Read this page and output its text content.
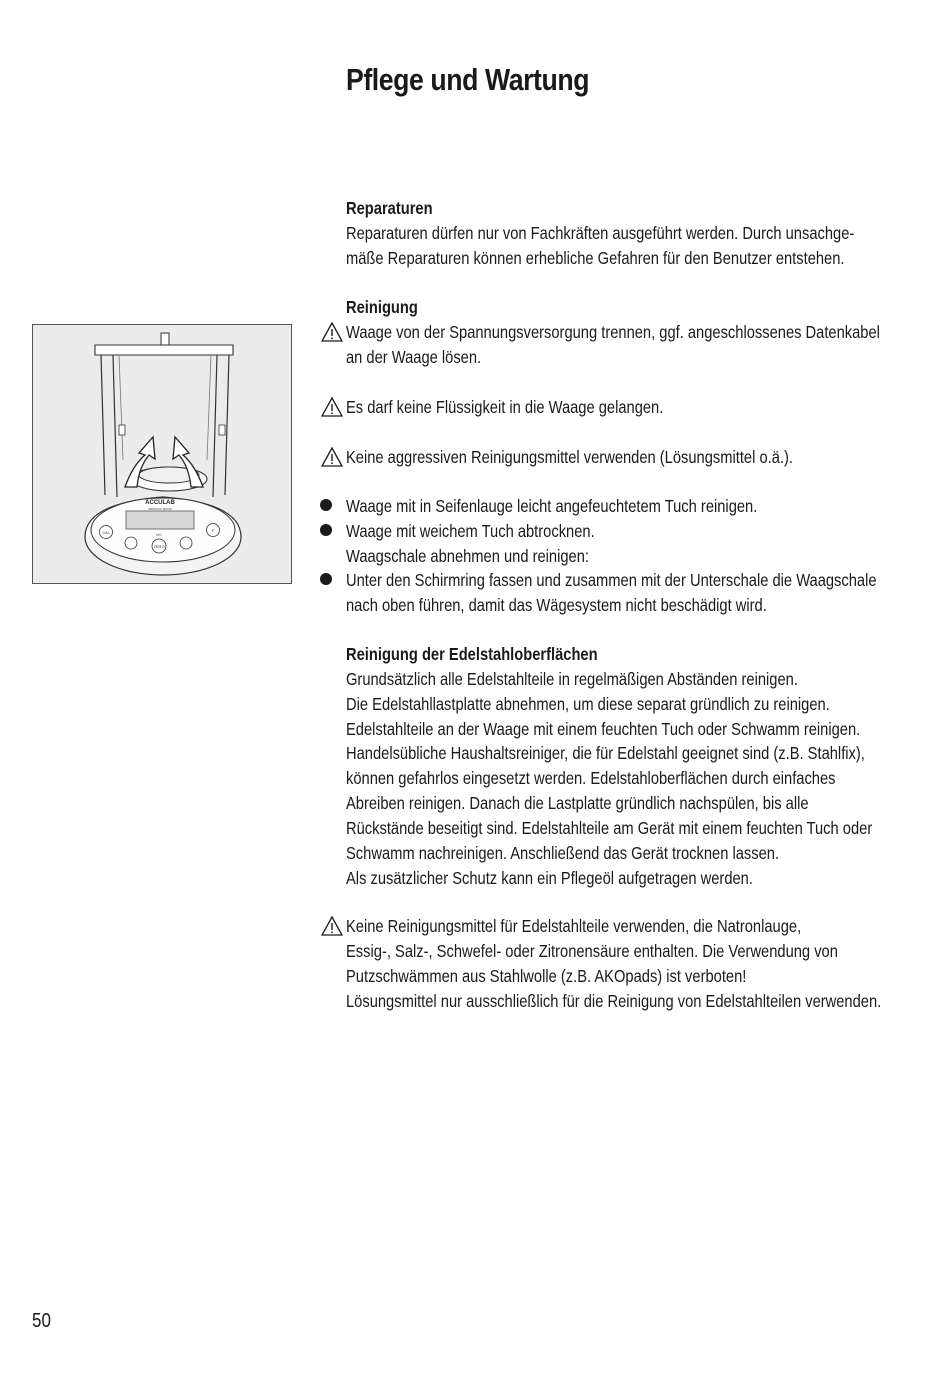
Pflege und Wartung
ACCULAB
sartorius group
CAL
ZERO
N/C
F
Reparaturen
Reparaturen dürfen nur von Fachkräften ausgeführt werden. Durch unsachge-
mäße Reparaturen können erhebliche Gefahren für den Benutzer entstehen.
Reinigung
Waage von der Spannungsversorgung trennen, ggf. angeschlossenes Datenkabel
an der Waage lösen.
Es darf keine Flüssigkeit in die Waage gelangen.
Keine aggressiven Reinigungsmittel verwenden (Lösungsmittel o.ä.).
Waage mit in Seifenlauge leicht angefeuchtetem Tuch reinigen.
Waage mit weichem Tuch abtrocknen.
Waagschale abnehmen und reinigen:
Unter den Schirmring fassen und zusammen mit der Unterschale die Waagschale
nach oben führen, damit das Wägesystem nicht beschädigt wird.
Reinigung der Edelstahloberflächen
Grundsätzlich alle Edelstahlteile in regelmäßigen Abständen reinigen.
Die Edelstahllastplatte abnehmen, um diese separat gründlich zu reinigen.
Edelstahlteile an der Waage mit einem feuchten Tuch oder Schwamm reinigen.
Handelsübliche Haushaltsreiniger, die für Edelstahl geeignet sind (z.B. Stahlfix),
können gefahrlos eingesetzt werden. Edelstahloberflächen durch einfaches
Abreiben reinigen. Danach die Lastplatte gründlich nachspülen, bis alle
Rückstände beseitigt sind. Edelstahlteile am Gerät mit einem feuchten Tuch oder
Schwamm nachreinigen. Anschließend das Gerät trocknen lassen.
Als zusätzlicher Schutz kann ein Pflegeöl aufgetragen werden.
Keine Reinigungsmittel für Edelstahlteile verwenden, die Natronlauge,
Essig-, Salz-, Schwefel- oder Zitronensäure enthalten. Die Verwendung von
Putzschwämmen aus Stahlwolle (z.B. AKOpads) ist verboten!
Lösungsmittel nur ausschließlich für die Reinigung von Edelstahlteilen verwenden.
50
